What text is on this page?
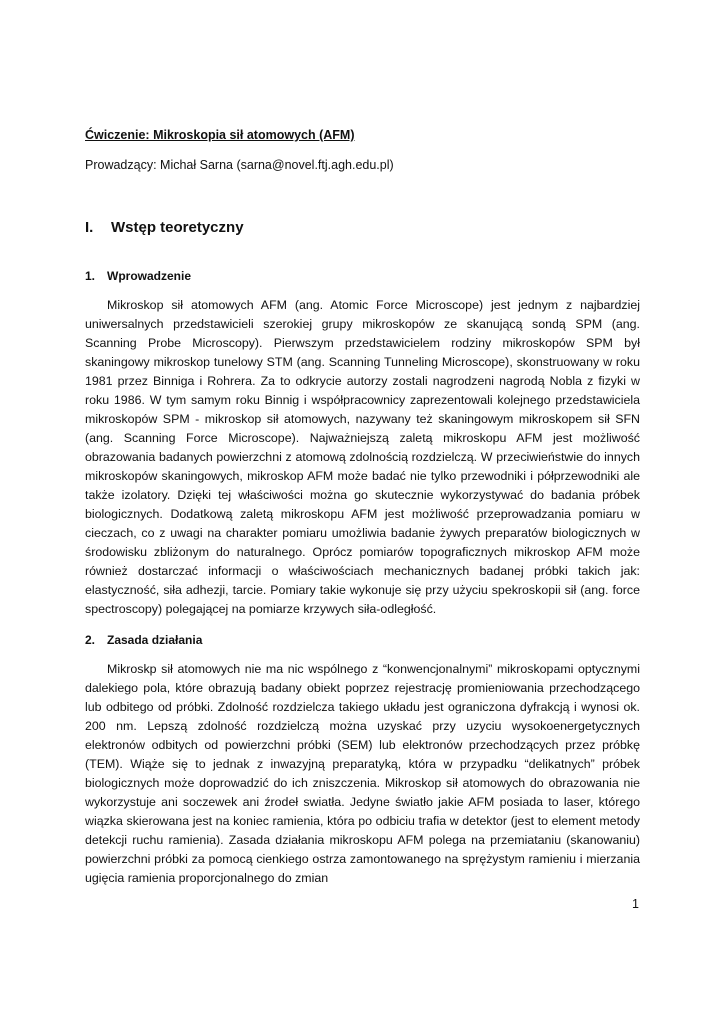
Ćwiczenie: Mikroskopia sił atomowych (AFM)
Prowadzący: Michał Sarna (sarna@novel.ftj.agh.edu.pl)
I. Wstęp teoretyczny
1. Wprowadzenie

Mikroskop sił atomowych AFM (ang. Atomic Force Microscope) jest jednym z najbardziej uniwersalnych przedstawicieli szerokiej grupy mikroskopów ze skanującą sondą SPM (ang. Scanning Probe Microscopy). Pierwszym przedstawicielem rodziny mikroskopów SPM był skaningowy mikroskop tunelowy STM (ang. Scanning Tunneling Microscope), skonstruowany w roku 1981 przez Binniga i Rohrera. Za to odkrycie autorzy zostali nagrodzeni nagrodą Nobla z fizyki w roku 1986. W tym samym roku Binnig i współpracownicy zaprezentowali kolejnego przedstawiciela mikroskopów SPM - mikroskop sił atomowych, nazywany też skaningowym mikroskopem sił SFN (ang. Scanning Force Microscope). Najważniejszą zaletą mikroskopu AFM jest możliwość obrazowania badanych powierzchni z atomową zdolnością rozdzielczą. W przeciwieństwie do innych mikroskopów skaningowych, mikroskop AFM może badać nie tylko przewodniki i półprzewodniki ale także izolatory. Dzięki tej właściwości można go skutecznie wykorzystywać do badania próbek biologicznych. Dodatkową zaletą mikroskopu AFM jest możliwość przeprowadzania pomiaru w cieczach, co z uwagi na charakter pomiaru umożliwia badanie żywych preparatów biologicznych w środowisku zbliżonym do naturalnego. Oprócz pomiarów topograficznych mikroskop AFM może również dostarczać informacji o właściwościach mechanicznych badanej próbki takich jak: elastyczność, siła adhezji, tarcie. Pomiary takie wykonuje się przy użyciu spekroskopii sił (ang. force spectroscopy) polegającej na pomiarze krzywych siła-odległość.

2. Zasada działania

Mikroskp sił atomowych nie ma nic wspólnego z “konwencjonalnymi” mikroskopami optycznymi dalekiego pola, które obrazują badany obiekt poprzez rejestrację promieniowania przechodzącego lub odbitego od próbki. Zdolność rozdzielcza takiego układu jest ograniczona dyfrakcją i wynosi ok. 200 nm. Lepszą zdolność rozdzielczą można uzyskać przy uzyciu wysokoenergetycznych elektronów odbitych od powierzchni próbki (SEM) lub elektronów przechodzących przez próbkę (TEM). Wiąże się to jednak z inwazyjną preparatyką, która w przypadku “delikatnych” próbek biologicznych może doprowadzić do ich zniszczenia. Mikroskop sił atomowych do obrazowania nie wykorzystuje ani soczewek ani źrodeł swiatła. Jedyne światło jakie AFM posiada to laser, którego wiązka skierowana jest na koniec ramienia, która po odbiciu trafia w detektor (jest to element metody detekcji ruchu ramienia). Zasada działania mikroskopu AFM polega na przemiataniu (skanowaniu) powierzchni próbki za pomocą cienkiego ostrza zamontowanego na sprężystym ramieniu i mierzania ugięcia ramienia proporcjonalnego do zmian

1
